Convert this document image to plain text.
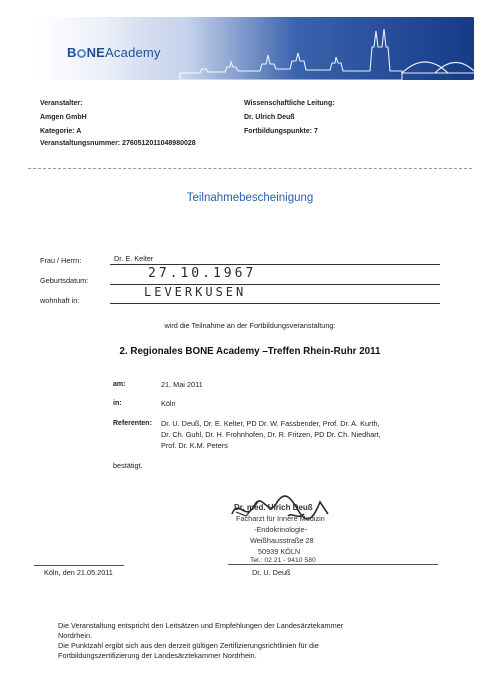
B NEAcademy
Veranstalter:
Amgen GmbH
Kategorie: A
Veranstaltungsnummer: 2760512011048980028
Wissenschaftliche Leitung:
Dr. Ulrich Deuß
Fortbildungspunkte: 7
Teilnahmebescheinigung
Frau / Herrn:	Dr. E. Kelter
Geburtsdatum:	27.10.1967
wohnhaft in:
LEVERKUSEN
wird die Teilnahme an der Fortbildungsveranstaltung:
2. Regionales BONE Academy –Treffen Rhein-Ruhr 2011
am:	21. Mai 2011
in:	Köln
Referenten: Dr. U. Deuß, Dr. E. Kelter, PD Dr. W. Fassbender, Prof. Dr. A. Kurth,
Dr. Ch. Guhl, Dr. H. Frohnhofen, Dr. R. Fritzen, PD Dr. Ch. Niedhart,
Prof. Dr. K.M. Peters
bestätigt.
Dr. med. Ulrich Deuß
Facharzt für Innere Medizin
-Endokrinologie-
Weißhausstraße 28
50939 KÖLN
Tel.: 02 21 - 9410 580
Köln, den 21.05.2011	Dr. U. Deuß
Die Veranstaltung entspricht den Leitsätzen und Empfehlungen der Landesärztekammer
Nordrhein.
Die Punktzahl ergibt sich aus den derzeit gültigen Zertifizierungsrichtlinien für die
Fortbildungszertifizierung der Landesärztekammer Nordrhein.
